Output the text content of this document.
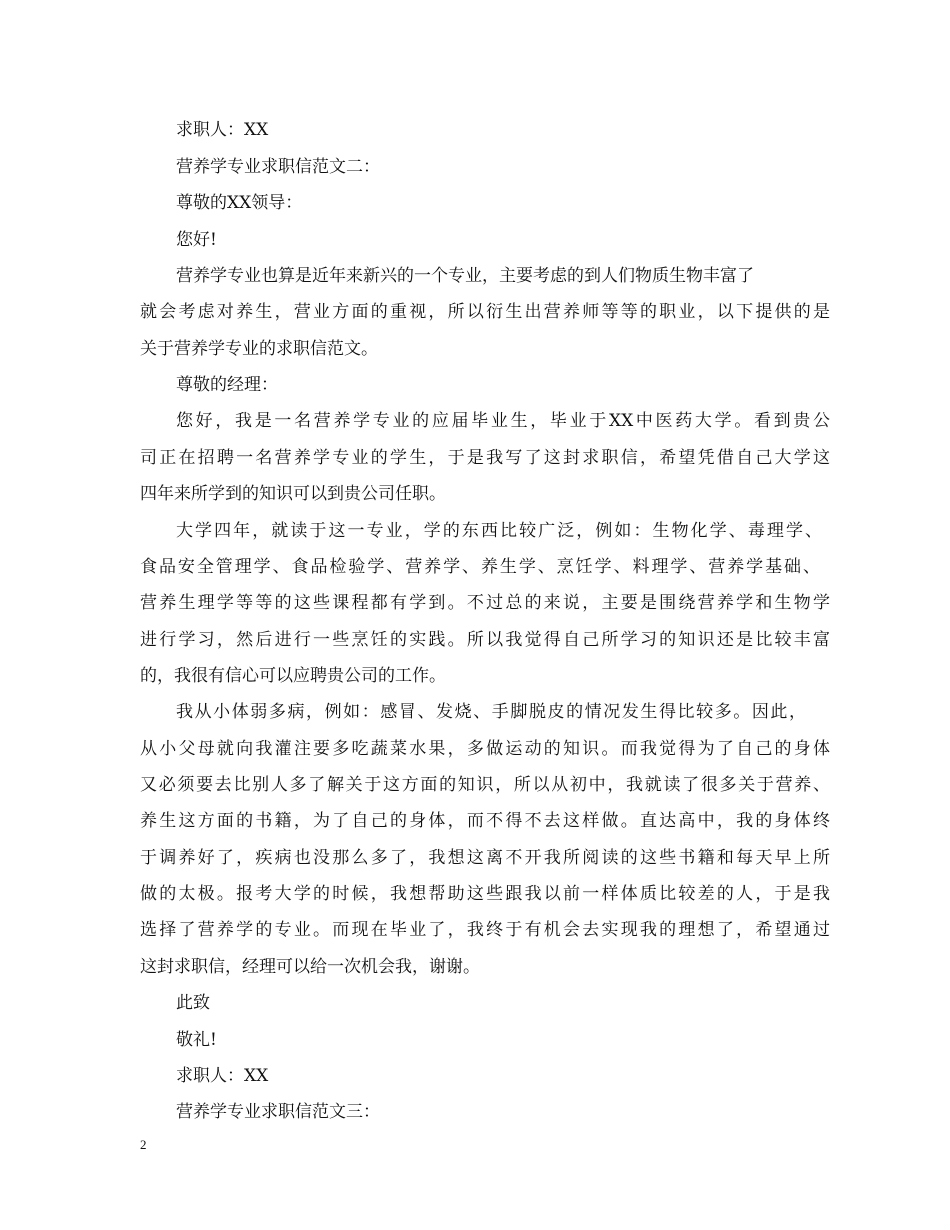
求职人：XX
营养学专业求职信范文二：
尊敬的XX领导：
您好!
营养学专业也算是近年来新兴的一个专业，主要考虑的到人们物质生物丰富了
就会考虑对养生，营业方面的重视，所以衍生出营养师等等的职业，以下提供的是
关于营养学专业的求职信范文。
尊敬的经理：
您好，我是一名营养学专业的应届毕业生，毕业于XX中医药大学。看到贵公
司正在招聘一名营养学专业的学生，于是我写了这封求职信，希望凭借自己大学这
四年来所学到的知识可以到贵公司任职。
大学四年，就读于这一专业，学的东西比较广泛，例如：生物化学、毒理学、
食品安全管理学、食品检验学、营养学、养生学、烹饪学、料理学、营养学基础、
营养生理学等等的这些课程都有学到。不过总的来说，主要是围绕营养学和生物学
进行学习，然后进行一些烹饪的实践。所以我觉得自己所学习的知识还是比较丰富
的，我很有信心可以应聘贵公司的工作。
我从小体弱多病，例如：感冒、发烧、手脚脱皮的情况发生得比较多。因此，
从小父母就向我灌注要多吃蔬菜水果，多做运动的知识。而我觉得为了自己的身体
又必须要去比别人多了解关于这方面的知识，所以从初中，我就读了很多关于营养、
养生这方面的书籍，为了自己的身体，而不得不去这样做。直达高中，我的身体终
于调养好了，疾病也没那么多了，我想这离不开我所阅读的这些书籍和每天早上所
做的太极。报考大学的时候，我想帮助这些跟我以前一样体质比较差的人，于是我
选择了营养学的专业。而现在毕业了，我终于有机会去实现我的理想了，希望通过
这封求职信，经理可以给一次机会我，谢谢。
此致
敬礼!
求职人：XX
营养学专业求职信范文三：
2
